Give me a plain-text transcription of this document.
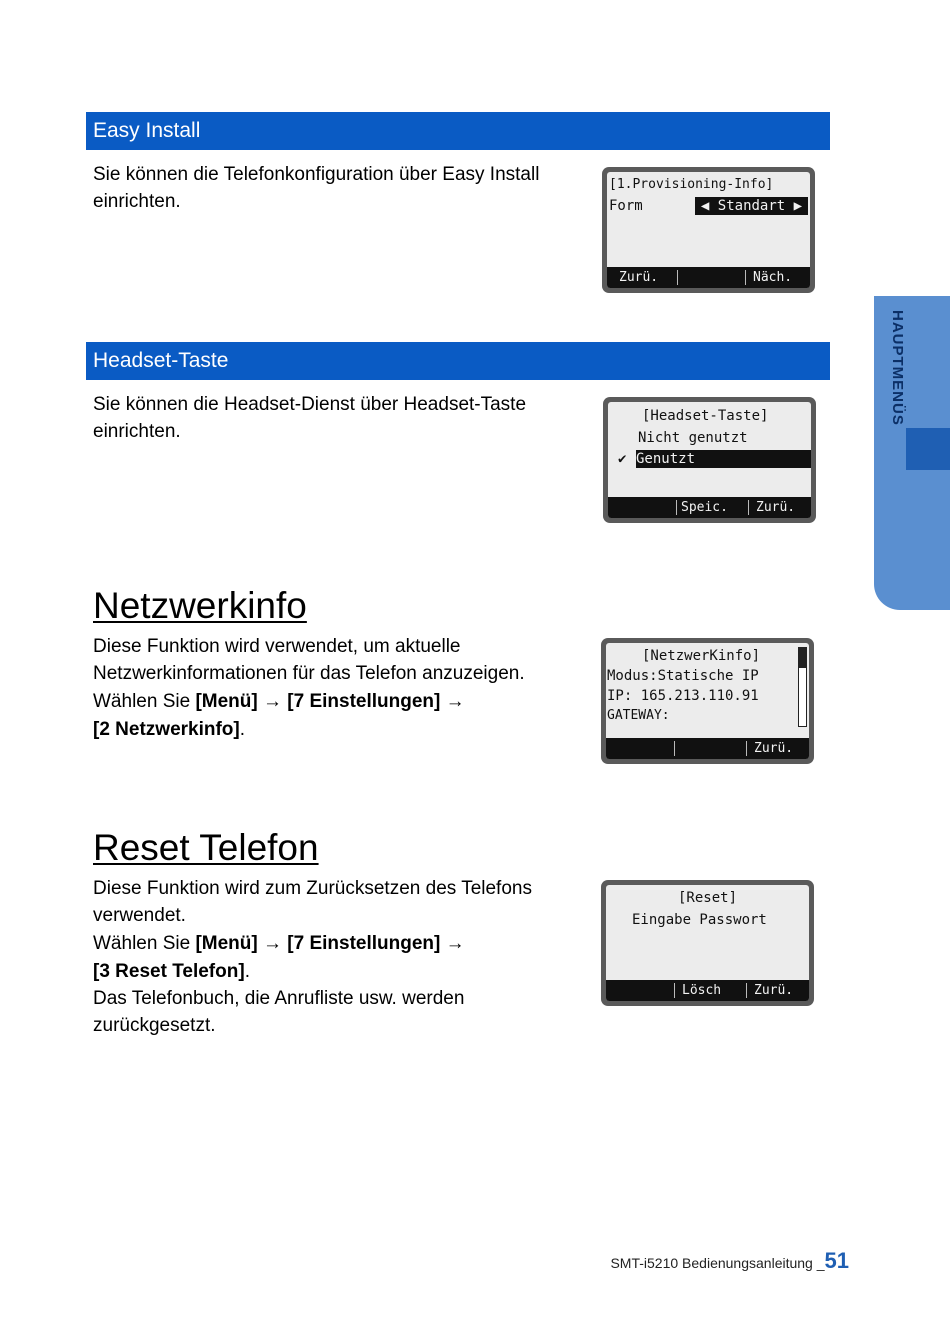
Easy Install
Sie können die Telefonkonfiguration über Easy Install
einrichten.
[1.Provisioning-Info]
Form	◀ Standart ▶
Zurü.	Näch.
Headset-Taste
Sie können die Headset-Dienst über Headset-Taste
einrichten.
[Headset-Taste]
Nicht genutzt
✔ Genutzt
Speic. Zurü.
Netzwerkinfo
Diese Funktion wird verwendet, um aktuelle
Netzwerkinformationen für das Telefon anzuzeigen.
Wählen Sie [Menü] → [7 Einstellungen] →
[2 Netzwerkinfo].
[NetzwerKinfo]
Modus:Statische IP
IP: 165.213.110.91
GATEWAY:
Zurü.
Reset Telefon
Diese Funktion wird zum Zurücksetzen des Telefons
verwendet.
Wählen Sie [Menü] → [7 Einstellungen] →
[3 Reset Telefon].
Das Telefonbuch, die Anrufliste usw. werden
zurückgesetzt.
[Reset]
Eingabe Passwort
Lösch	Zurü.
HAUPTMENÜS
SMT-i5210 Bedienungsanleitung _51
